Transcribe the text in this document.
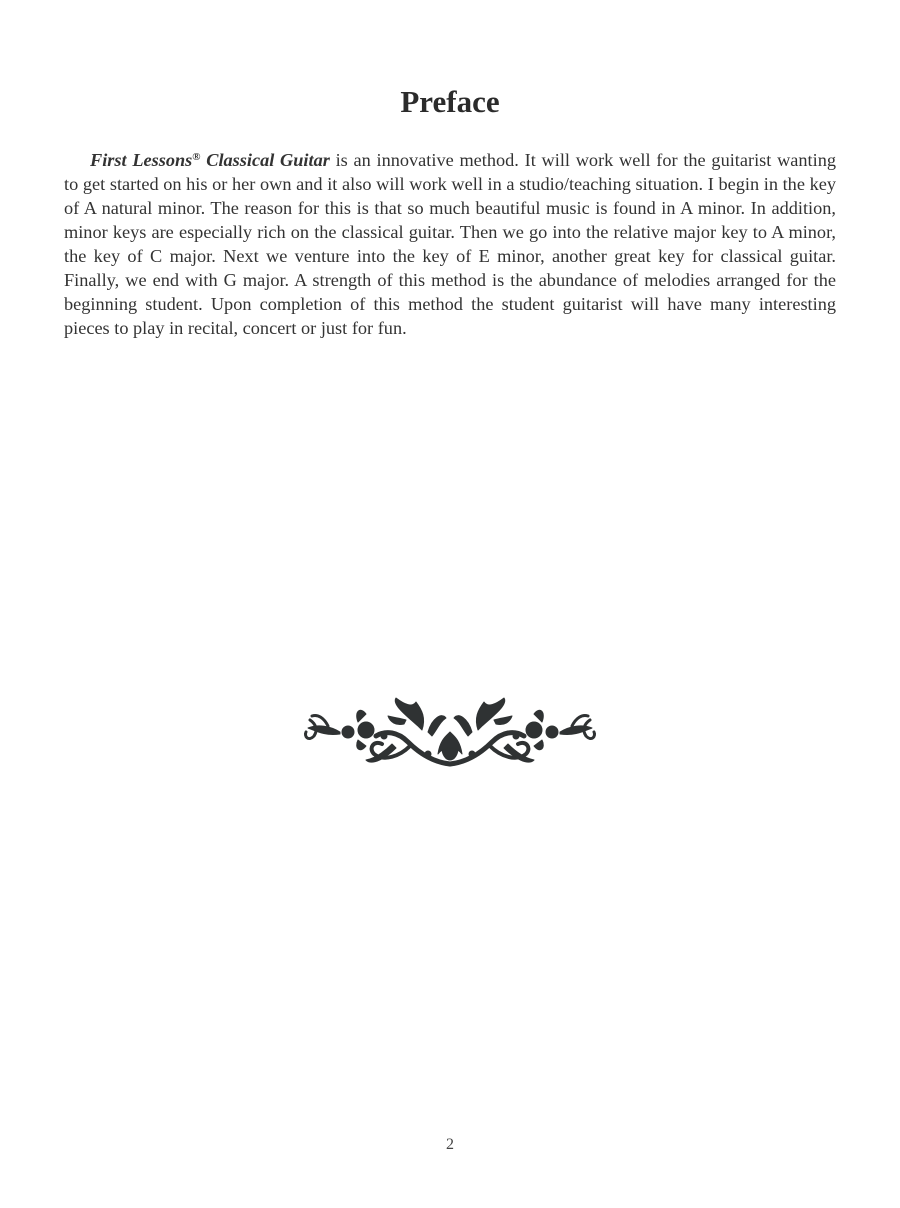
Preface

First Lessons® Classical Guitar is an innovative method. It will work well for the guitarist wanting to get started on his or her own and it also will work well in a studio/teaching situation. I begin in the key of A natural minor. The reason for this is that so much beautiful music is found in A minor. In addition, minor keys are especially rich on the classical guitar. Then we go into the relative major key to A minor, the key of C major. Next we venture into the key of E minor, another great key for classical guitar. Finally, we end with G major. A strength of this method is the abundance of melodies arranged for the beginning student. Upon completion of this method the student guitarist will have many interesting pieces to play in recital, concert or just for fun.

2
